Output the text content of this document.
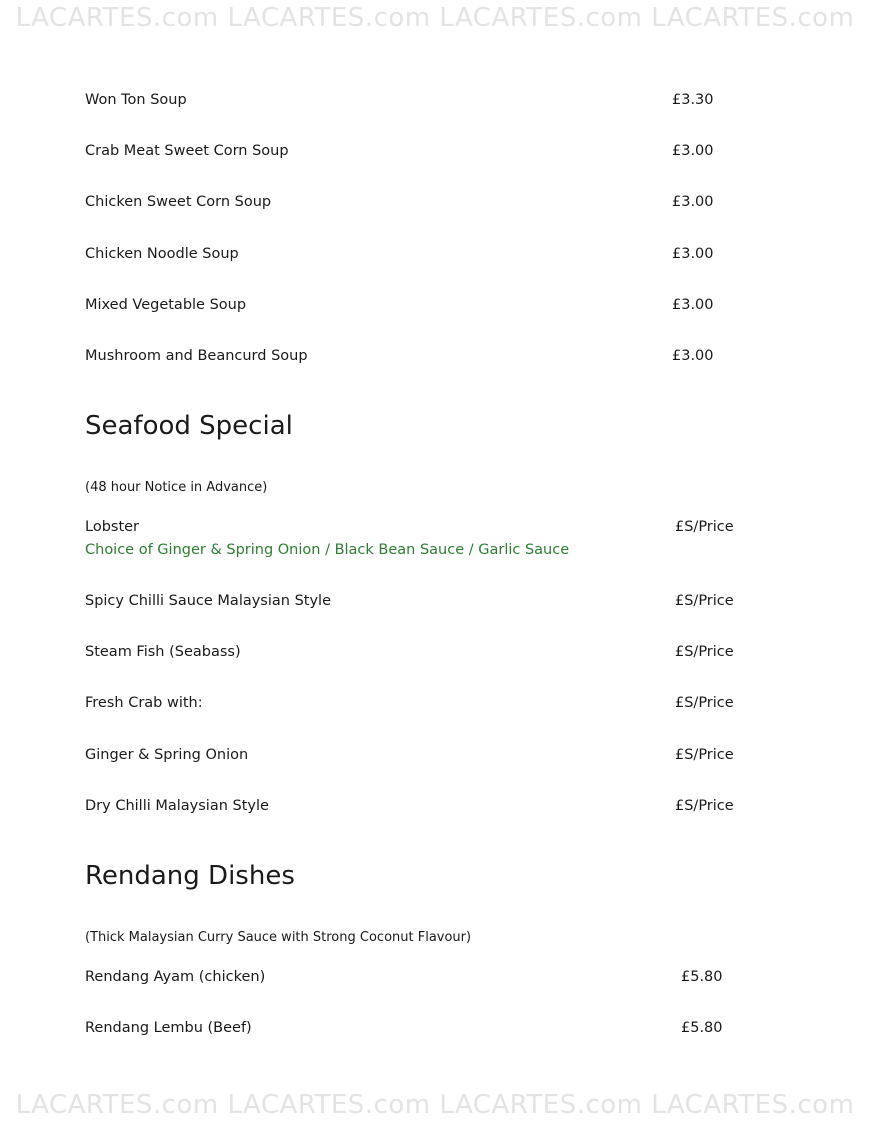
LACARTES.com LACARTES.com LACARTES.com LACARTES.com
Won Ton Soup	£3.30
Crab Meat Sweet Corn Soup	£3.00
Chicken Sweet Corn Soup	£3.00
Chicken Noodle Soup	£3.00
Mixed Vegetable Soup	£3.00
Mushroom and Beancurd Soup	£3.00
Seafood Special
(48 hour Notice in Advance)
Lobster	£S/Price
Choice of Ginger & Spring Onion / Black Bean Sauce / Garlic Sauce
Spicy Chilli Sauce Malaysian Style	£S/Price
Steam Fish (Seabass)	£S/Price
Fresh Crab with:	£S/Price
Ginger & Spring Onion	£S/Price
Dry Chilli Malaysian Style	£S/Price
Rendang Dishes
(Thick Malaysian Curry Sauce with Strong Coconut Flavour)
Rendang Ayam (chicken)	£5.80
Rendang Lembu (Beef)	£5.80
LACARTES.com LACARTES.com LACARTES.com LACARTES.com
